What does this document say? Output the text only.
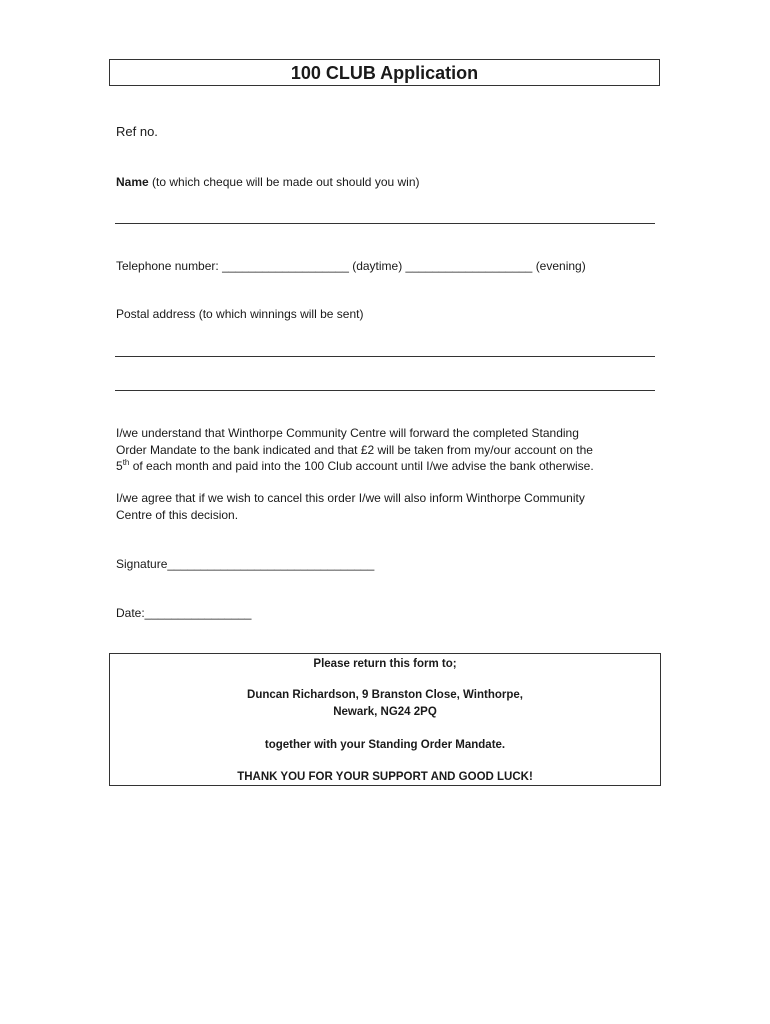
100 CLUB Application
Ref no.
Name (to which cheque will be made out should you win)
Telephone number: ___________________ (daytime) ___________________ (evening)
Postal address (to which winnings will be sent)
I/we understand that Winthorpe Community Centre will forward the completed Standing
Order Mandate to the bank indicated and that £2 will be taken from my/our account on the
5th of each month and paid into the 100 Club account until I/we advise the bank otherwise.
I/we agree that if we wish to cancel this order I/we will also inform Winthorpe Community
Centre of this decision.
Signature_______________________________
Date:________________
Please return this form to;
Duncan Richardson, 9 Branston Close, Winthorpe,
Newark, NG24 2PQ
together with your Standing Order Mandate.
THANK YOU FOR YOUR SUPPORT AND GOOD LUCK!
